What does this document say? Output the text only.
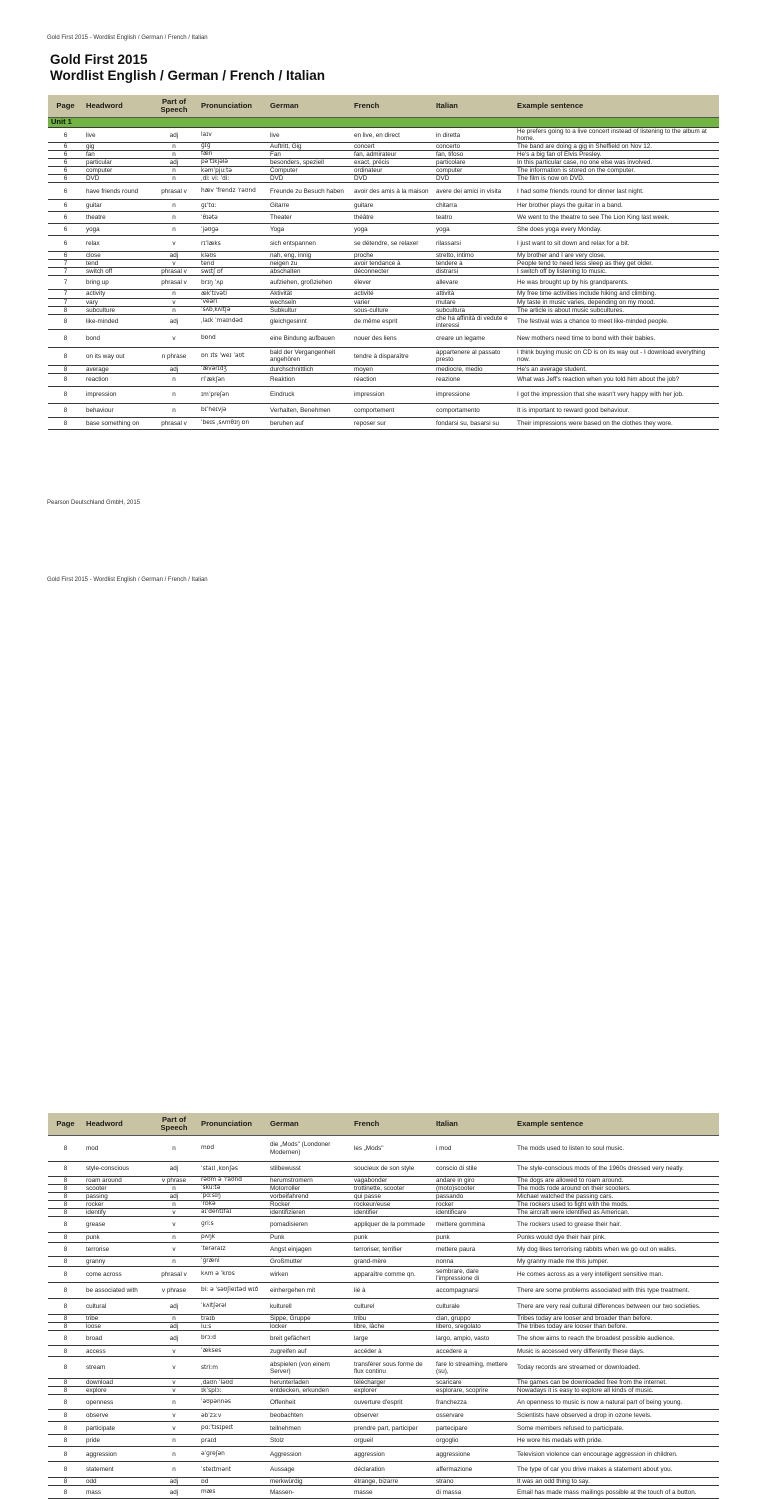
Gold First 2015 - Wordlist English / German / French / Italian
Gold First 2015
Wordlist English / German / French / Italian
Page	Headword	Part of Speech	Pronunciation	German	French	Italian	Example sentence
Unit 1							
6	live	adj	laɪv	live	en live, en direct	in diretta	He prefers going to a live concert instead of listening to the album at home.
6	gig	n	ɡɪɡ	Auftritt, Gig	concert	concerto	The band are doing a gig in Sheffield on Nov 12.
6	fan	n	fæn	Fan	fan, admirateur	fan, tifoso	He's a big fan of Elvis Presley.
6	particular	adj	pəˈtɪkjələ	besonders, speziell	exact, précis	particolare	In this particular case, no one else was involved.
6	computer	n	kəmˈpjuːtə	Computer	ordinateur	computer	The information is stored on the computer.
6	DVD	n	ˌdiː viː ˈdiː	DVD	DVD	DVD	The film is now on DVD.
6	have friends round	phrasal v	hæv ˈfrendz ˈraʊnd	Freunde zu Besuch haben	avoir des amis à la maison	avere dei amici in visita	I had some friends round for dinner last night.
6	guitar	n	ɡɪˈtɑː	Gitarre	guitare	chitarra	Her brother plays the guitar in a band.
6	theatre	n	ˈθɪətə	Theater	théâtre	teatro	We went to the theatre to see The Lion King last week.
6	yoga	n	ˈjəʊɡə	Yoga	yoga	yoga	She does yoga every Monday.
6	relax	v	rɪˈlæks	sich entspannen	se détendre, se relaxer	rilassarsi	I just want to sit down and relax for a bit.
6	close	adj	kləʊs	nah, eng, innig	proche	stretto, intimo	My brother and I are very close.
7	tend	v	tend	neigen zu	avoir tendance à	tendere a	People tend to need less sleep as they get older.
7	switch off	phrasal v	swɪtʃ ɒf	abschalten	déconnecter	distrarsi	I switch off by listening to music.
7	bring up	phrasal v	brɪŋ ˈʌp	aufziehen, großziehen	élever	allevare	He was brought up by his grandparents.
7	activity	n	ækˈtɪvəti	Aktivität	activité	attività	My free time activities include hiking and climbing.
7	vary	v	ˈveəri	wechseln	varier	mutare	My taste in music varies, depending on my mood.
8	subculture	n	ˈsʌbˌkʌltʃə	Subkultur	sous-culture	subcultura	The article is about music subcultures.
8	like-minded	adj	ˌlaɪk ˈmaɪndəd	gleichgesinnt	de même esprit	che ha affinità di vedute e interessi	The festival was a chance to meet like-minded people.
8	bond	v	bɒnd	eine Bindung aufbauen	nouer des liens	creare un legame	New mothers need time to bond with their babies.
8	on its way out	n phrase	ɒn ɪts ˈweɪ ˈaʊt	bald der Vergangenheit angehören	tendre à disparaître	appartenere al passato presto	I think buying music on CD is on its way out - I download everything now.
8	average	adj	ˈævərɪdʒ	durchschnittlich	moyen	mediocre, medio	He's an average student.
8	reaction	n	riˈækʃən	Reaktion	réaction	reazione	What was Jeff's reaction when you told him about the job?
8	impression	n	ɪmˈpreʃən	Eindruck	impression	impressione	I got the impression that she wasn't very happy with her job.
8	behaviour	n	bɪˈheɪvjə	Verhalten, Benehmen	comportement	comportamento	It is important to reward good behaviour.
8	base something on	phrasal v	ˈbeɪs ˌsʌmθɪŋ ɒn	beruhen auf	reposer sur	fondarsi su, basarsi su	Their impressions were based on the clothes they wore.
Pearson Deutschland GmbH, 2015
Gold First 2015 - Wordlist English / German / French / Italian
Page	Headword	Part of Speech	Pronunciation	German	French	Italian	Example sentence
8	mod	n	mɒd	die „Mods" (Londoner Modernen)	les „Mods"	i mod	The mods used to listen to soul music.
8	style-conscious	adj	ˈstaɪl ˌkɒnʃəs	stilbewusst	soucieux de son style	conscio di stile	The style-conscious mods of the 1960s dressed very neatly.
8	roam around	v phrase	rəʊm ə ˈraʊnd	herumstromern	vagabonder	andare in giro	The dogs are allowed to roam around.
8	scooter	n	ˈskuːtə	Motorroller	trottinette, scooter	(moto)scooter	The mods rode around on their scooters.
8	passing	adj	ˈpɑːsɪŋ	vorbeifahrend	qui passe	passando	Michael watched the passing cars.
8	rocker	n	ˈrɒkə	Rocker	rockeur/euse	rocker	The rockers used to fight with the mods.
8	identify	v	aɪˈdentɪfaɪ	identifizieren	identifier	identificare	The aircraft were identified as American.
8	grease	v	ɡriːs	pomadisieren	appliquer de la pommade	mettere gommina	The rockers used to grease their hair.
8	punk	n	pʌŋk	Punk	punk	punk	Punks would dye their hair pink.
8	terrorise	v	ˈterəraɪz	Angst einjagen	terroriser, terrifier	mettere paura	My dog likes terrorising rabbits when we go out on walks.
8	granny	n	ˈɡræni	Großmutter	grand-mère	nonna	My granny made me this jumper.
8	come across	phrasal v	kʌm ə ˈkrɒs	wirken	apparaître comme qn.	sembrare, dare l'impressione di	He comes across as a very intelligent sensitive man.
8	be associated with	v phrase	biː ə ˈsəʊʃieɪtəd wɪð	einhergehen mit	lié à	accompagnarsi	There are some problems associated with this type treatment.
8	cultural	adj	ˈkʌltʃərəl	kulturell	culturel	culturale	There are very real cultural differences between our two societies.
8	tribe	n	traɪb	Sippe, Gruppe	tribu	clan, gruppo	Tribes today are looser and broader than before.
8	loose	adj	luːs	locker	libre, lâche	libero, sregolato	The tribes today are looser than before.
8	broad	adj	brɔːd	breit gefächert	large	largo, ampio, vasto	The show aims to reach the broadest possible audience.
8	access	v	ˈækses	zugreifen auf	accéder à	accedere a	Music is accessed very differently these days.
8	stream	v	striːm	abspielen (von einem Server)	transférer sous forme de flux continu	fare lo streaming, mettere (su),	Today records are streamed or downloaded.
8	download	v	ˌdaʊn ˈləʊd	herunterladen	télécharger	scaricare	The games can be downloaded free from the internet.
8	explore	v	ɪkˈsplɔː	entdecken, erkunden	explorer	esplorare, scoprire	Nowadays it is easy to explore all kinds of music.
8	openness	n	ˈəʊpənnəs	Offenheit	ouverture d'esprit	franchezza	An openness to music is now a natural part of being young.
8	observe	v	əbˈzɜːv	beobachten	observer	osservare	Scientists have observed a drop in ozone levels.
8	participate	v	pɑːˈtɪsɪpeɪt	teilnehmen	prendre part, participer	partecipare	Some members refused to participate.
8	pride	n	praɪd	Stolz	orgueil	orgoglio	He wore his medals with pride.
8	aggression	n	əˈɡreʃən	Aggression	aggression	aggressione	Television violence can encourage aggression in children.
8	statement	n	ˈsteɪtmənt	Aussage	déclaration	affermazione	The type of car you drive makes a statement about you.
8	odd	adj	ɒd	merkwürdig	étrange, bizarre	strano	It was an odd thing to say.
8	mass	adj	mæs	Massen-	masse	di massa	Email has made mass mailings possible at the touch of a button.
